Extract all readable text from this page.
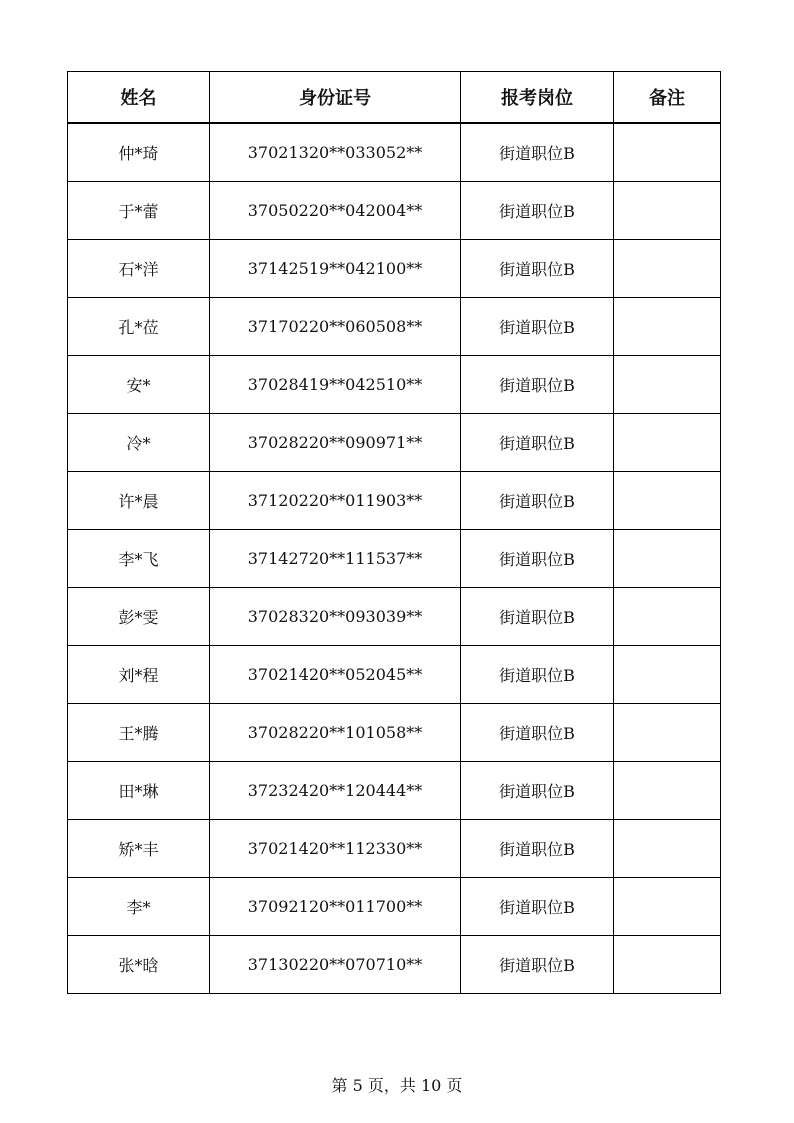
姓名	身份证号	报考岗位	备注
仲*琦	37021320**033052**	街道职位B	
于*蕾	37050220**042004**	街道职位B	
石*洋	37142519**042100**	街道职位B	
孔*莅	37170220**060508**	街道职位B	
安*	37028419**042510**	街道职位B	
冷*	37028220**090971**	街道职位B	
许*晨	37120220**011903**	街道职位B	
李*飞	37142720**111537**	街道职位B	
彭*雯	37028320**093039**	街道职位B	
刘*程	37021420**052045**	街道职位B	
王*腾	37028220**101058**	街道职位B	
田*琳	37232420**120444**	街道职位B	
矫*丰	37021420**112330**	街道职位B	
李*	37092120**011700**	街道职位B	
张*晗	37130220**070710**	街道职位B	
第 5 页，共 10 页
